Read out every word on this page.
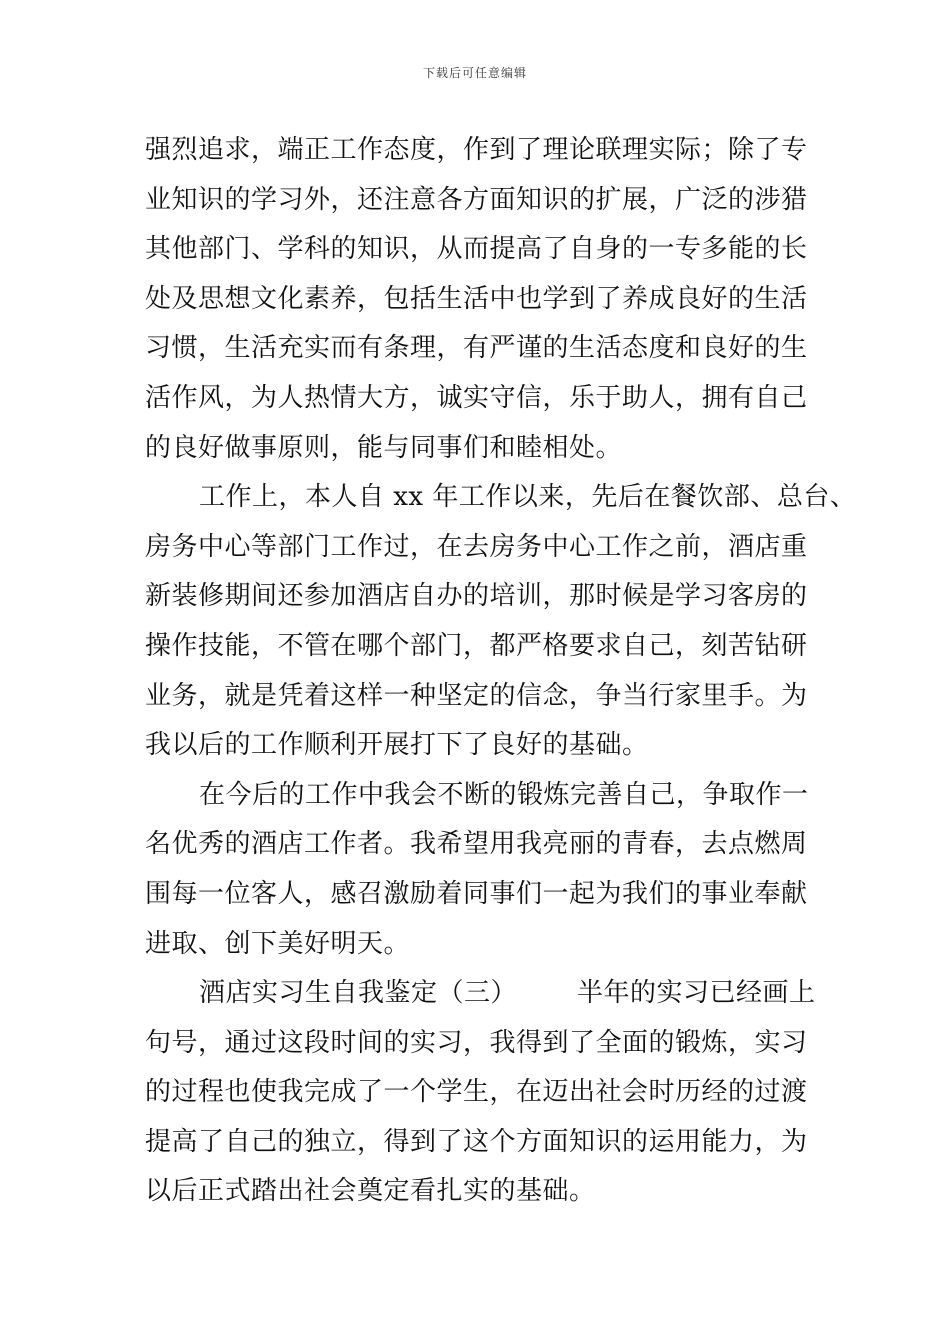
下载后可任意编辑
强烈追求，端正工作态度，作到了理论联理实际；除了专
业知识的学习外，还注意各方面知识的扩展，广泛的涉猎
其他部门、学科的知识，从而提高了自身的一专多能的长
处及思想文化素养，包括生活中也学到了养成良好的生活
习惯，生活充实而有条理，有严谨的生活态度和良好的生
活作风，为人热情大方，诚实守信，乐于助人，拥有自己
的良好做事原则，能与同事们和睦相处。
工作上，本人自 xx 年工作以来，先后在餐饮部、总台、
房务中心等部门工作过，在去房务中心工作之前，酒店重
新装修期间还参加酒店自办的培训，那时候是学习客房的
操作技能，不管在哪个部门，都严格要求自己，刻苦钻研
业务，就是凭着这样一种坚定的信念，争当行家里手。为
我以后的工作顺利开展打下了良好的基础。
在今后的工作中我会不断的锻炼完善自己，争取作一
名优秀的酒店工作者。我希望用我亮丽的青春，去点燃周
围每一位客人，感召激励着同事们一起为我们的事业奉献
进取、创下美好明天。
酒店实习生自我鉴定（三） 半年的实习已经画上
句号，通过这段时间的实习，我得到了全面的锻炼，实习
的过程也使我完成了一个学生，在迈出社会时历经的过渡
提高了自己的独立，得到了这个方面知识的运用能力，为
以后正式踏出社会奠定看扎实的基础。
